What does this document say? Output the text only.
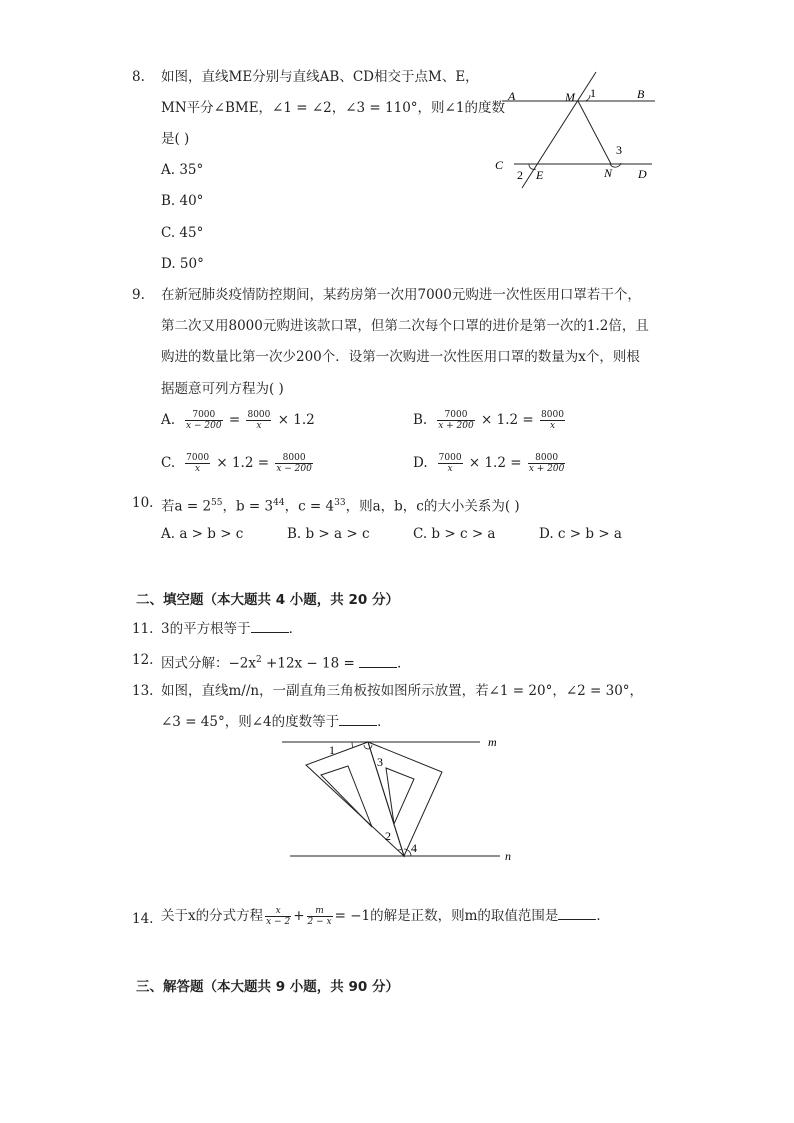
8. 如图，直线ME分别与直线AB、CD相交于点M、E，
MN平分∠BME，∠1 = ∠2，∠3 = 110°，则∠1的度数
是( )
A. 35°
B. 40°
C. 45°
D. 50°
A	M 1	B
3
C
2 E	N D
9. 在新冠肺炎疫情防控期间，某药房第一次用7000元购进一次性医用口罩若干个，
第二次又用8000元购进该款口罩，但第二次每个口罩的进价是第一次的1.2倍，且
购进的数量比第一次少200个．设第一次购进一次性医用口罩的数量为x个，则根
据题意可列方程为( )
A. $\frac{7000}{x - 200} = \frac{8000}{x} \times 1.2$	B. $\frac{7000}{x + 200} \times 1.2 = \frac{8000}{x}$
C. $\frac{7000}{x} \times 1.2 = \frac{8000}{x - 200}$	D. $\frac{7000}{x} \times 1.2 = \frac{8000}{x + 200}$
10. 若$a = 2^{55}$，$b = 3^{44}$，$c = 4^{33}$，则a，b，c的大小关系为( )
A. a > b > c	B. b > a > c	C. b > c > a	D. c > b > a
二、填空题（本大题共 4 小题，共 20 分）
11. 3的平方根等于	．
12. 因式分解：$-2x^2 +12x - 18$ =	．
13. 如图，直线m//n，一副直角三角板按如图所示放置，若∠1 = 20°，∠2 = 30°，
∠3 = 45°，则∠4的度数等于	．
1
3
2
4
m
n
14. 关于x的分式方程 $\frac{x}{x - 2} + \frac{m}{2 - x} = -1$的解是正数，则m的取值范围是	．
三、解答题（本大题共 9 小题，共 90 分）
